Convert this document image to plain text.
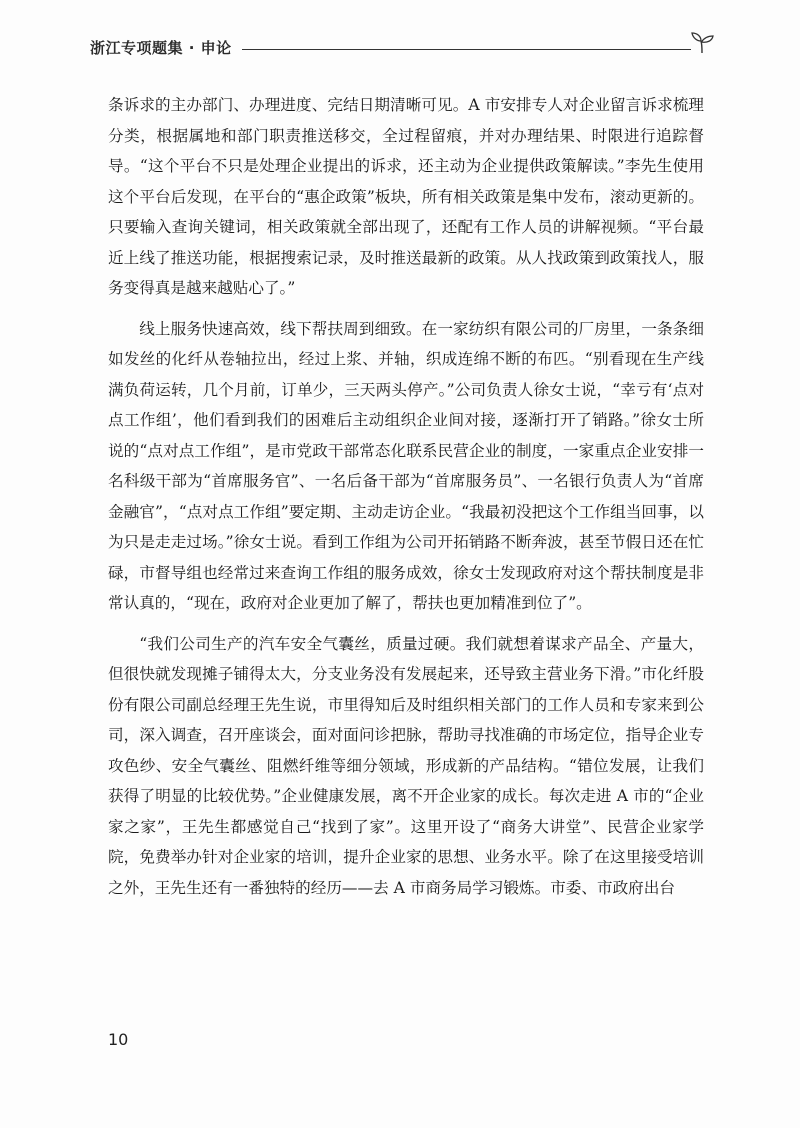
浙江专项题集 · 申论

条诉求的主办部门、办理进度、完结日期清晰可见。A 市安排专人对企业留言诉求梳理分类，根据属地和部门职责推送移交，全过程留痕，并对办理结果、时限进行追踪督导。“这个平台不只是处理企业提出的诉求，还主动为企业提供政策解读。”李先生使用这个平台后发现，在平台的“惠企政策”板块，所有相关政策是集中发布，滚动更新的。只要输入查询关键词，相关政策就全部出现了，还配有工作人员的讲解视频。“平台最近上线了推送功能，根据搜索记录，及时推送最新的政策。从人找政策到政策找人，服务变得真是越来越贴心了。”

线上服务快速高效，线下帮扶周到细致。在一家纺织有限公司的厂房里，一条条细如发丝的化纤从卷轴拉出，经过上浆、并轴，织成连绵不断的布匹。“别看现在生产线满负荷运转，几个月前，订单少，三天两头停产。”公司负责人徐女士说，“幸亏有‘点对点工作组’，他们看到我们的困难后主动组织企业间对接，逐渐打开了销路。”徐女士所说的“点对点工作组”，是市党政干部常态化联系民营企业的制度，一家重点企业安排一名科级干部为“首席服务官”、一名后备干部为“首席服务员”、一名银行负责人为“首席金融官”，“点对点工作组”要定期、主动走访企业。“我最初没把这个工作组当回事，以为只是走走过场。”徐女士说。看到工作组为公司开拓销路不断奔波，甚至节假日还在忙碌，市督导组也经常过来查询工作组的服务成效，徐女士发现政府对这个帮扶制度是非常认真的，“现在，政府对企业更加了解了，帮扶也更加精准到位了”。

“我们公司生产的汽车安全气囊丝，质量过硬。我们就想着谋求产品全、产量大，但很快就发现摊子铺得太大，分支业务没有发展起来，还导致主营业务下滑。”市化纤股份有限公司副总经理王先生说，市里得知后及时组织相关部门的工作人员和专家来到公司，深入调查，召开座谈会，面对面问诊把脉，帮助寻找准确的市场定位，指导企业专攻色纱、安全气囊丝、阻燃纤维等细分领域，形成新的产品结构。“错位发展，让我们获得了明显的比较优势。”企业健康发展，离不开企业家的成长。每次走进 A 市的“企业家之家”，王先生都感觉自己“找到了家”。这里开设了“商务大讲堂”、民营企业家学院，免费举办针对企业家的培训，提升企业家的思想、业务水平。除了在这里接受培训之外，王先生还有一番独特的经历——去 A 市商务局学习锻炼。市委、市政府出台

10
